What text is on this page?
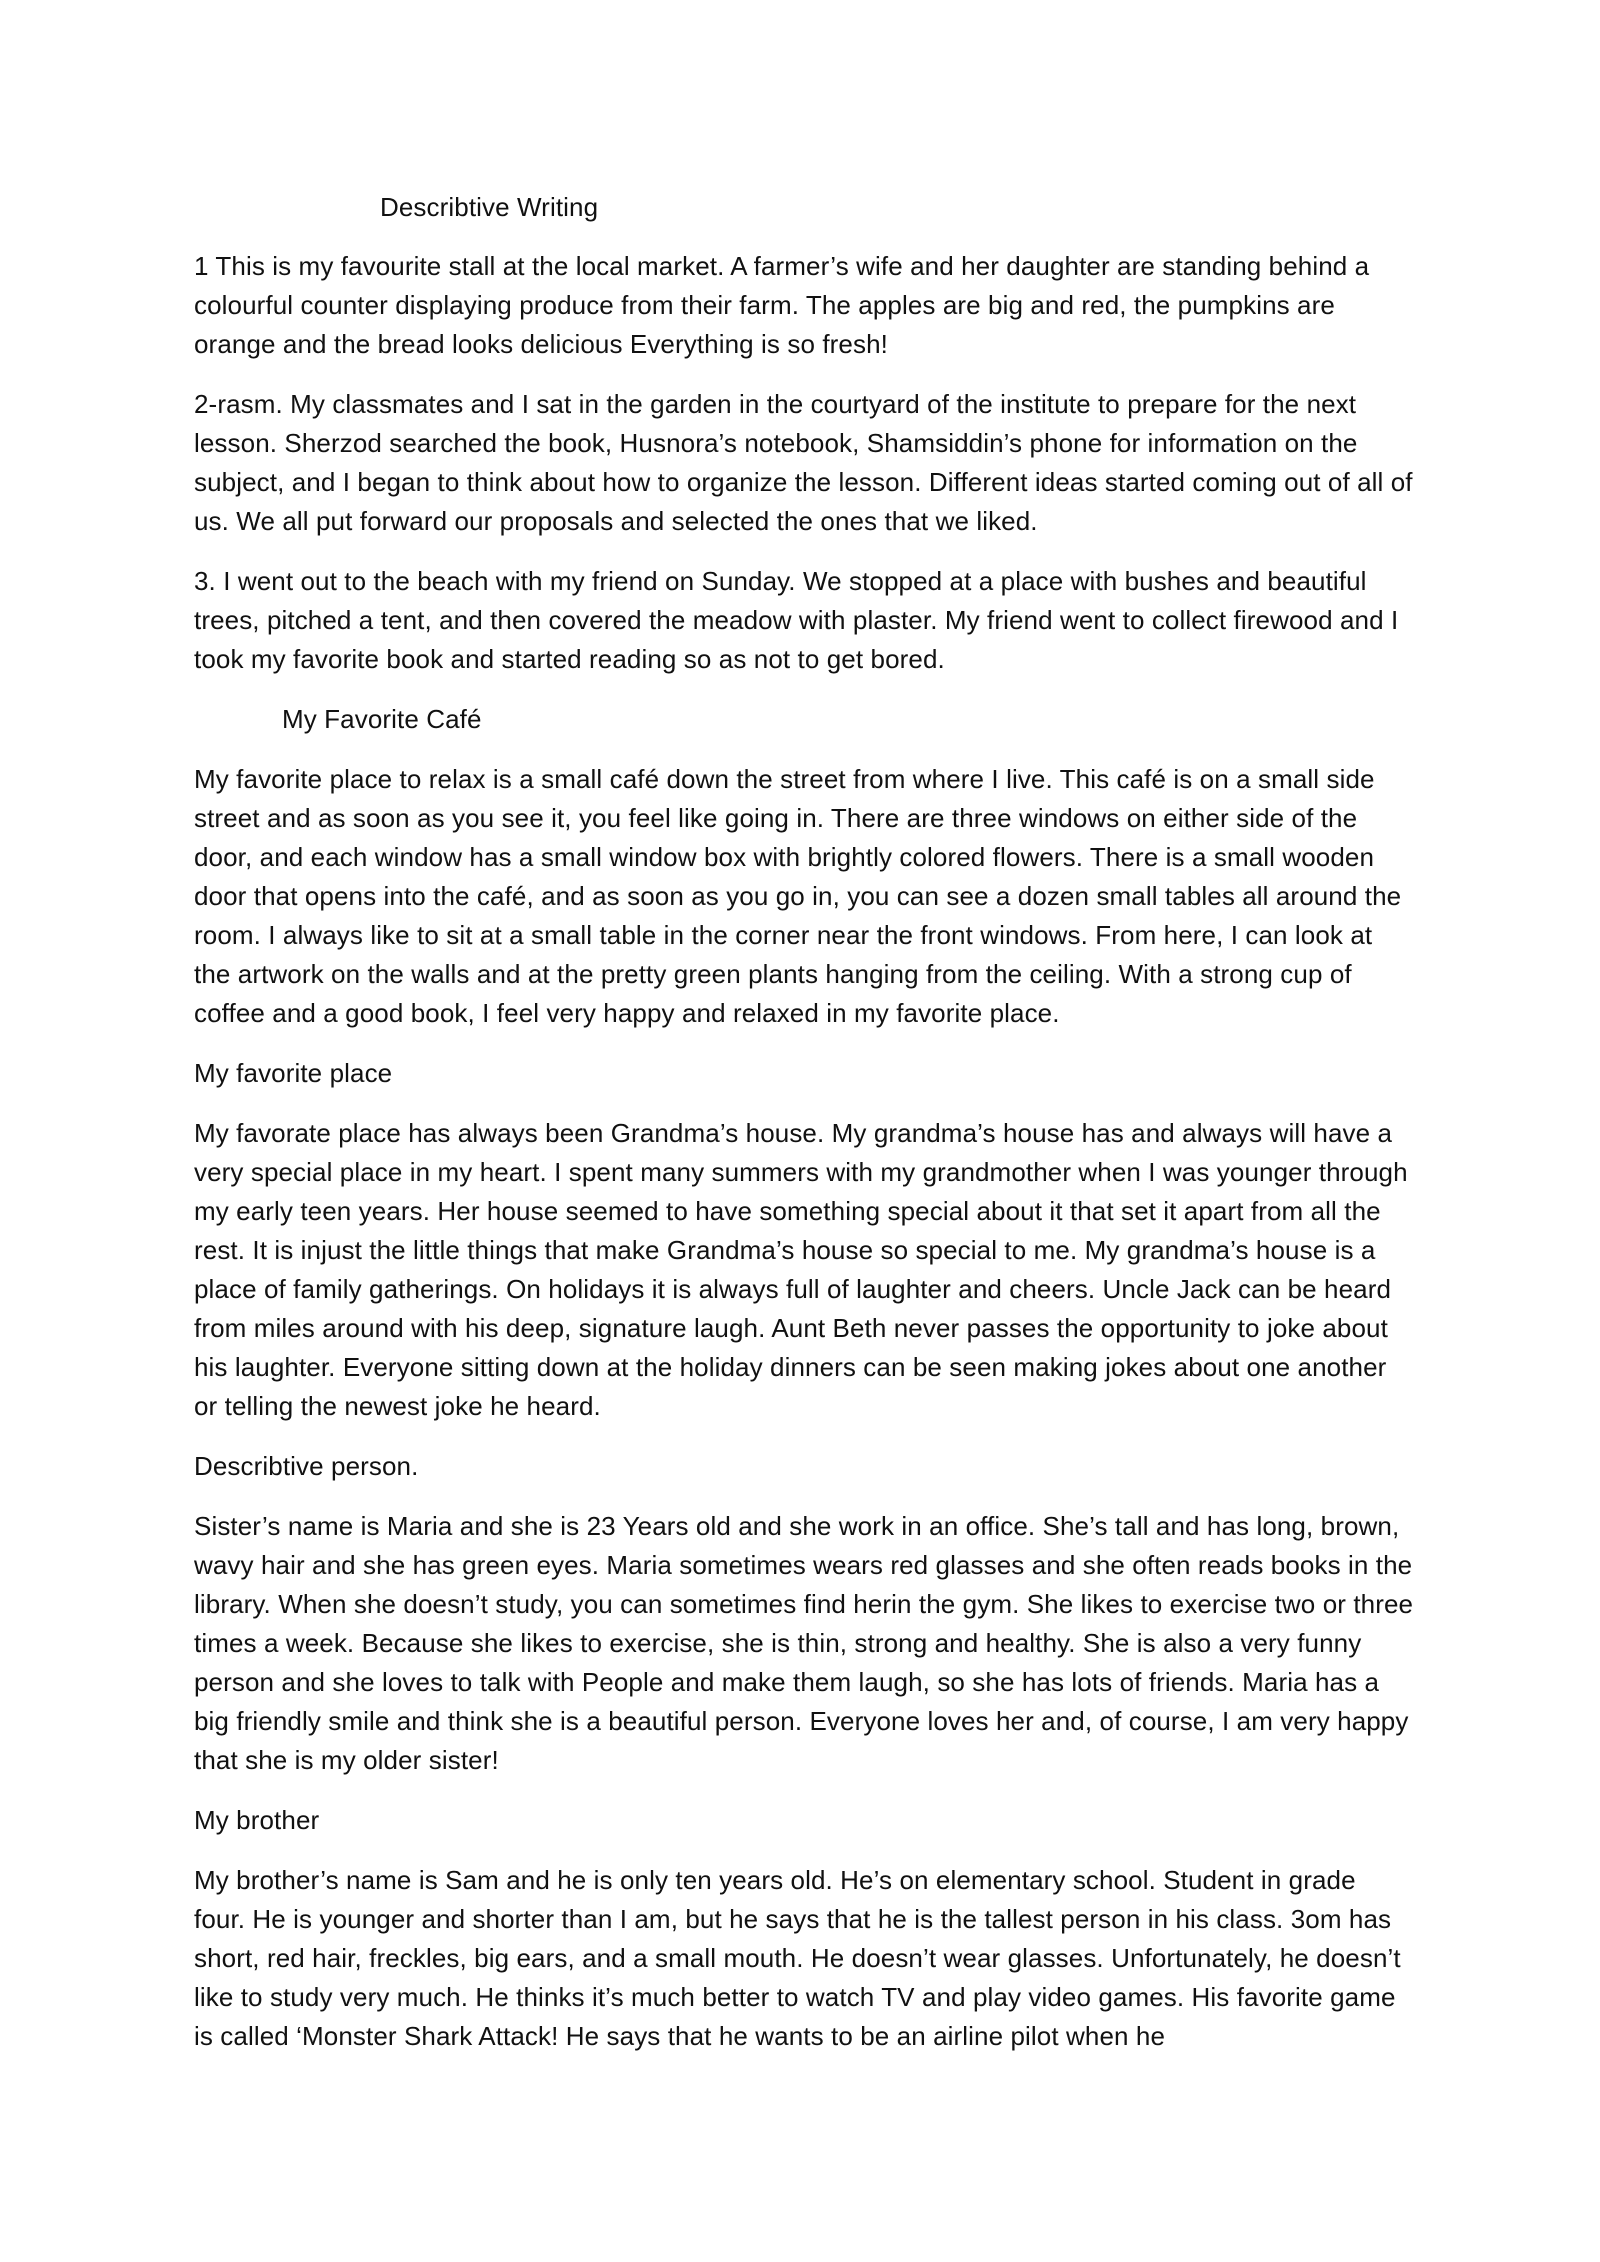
Describtive Writing

1 This is my favourite stall at the local market. A farmer’s wife and her daughter are standing behind a colourful counter displaying produce from their farm. The apples are big and red, the pumpkins are orange and the bread looks delicious Everything is so fresh!

2-rasm. My classmates and I sat in the garden in the courtyard of the institute to prepare for the next lesson. Sherzod searched the book, Husnora’s notebook, Shamsiddin’s phone for information on the subject, and I began to think about how to organize the lesson. Different ideas started coming out of all of us. We all put forward our proposals and selected the ones that we liked.

3. I went out to the beach with my friend on Sunday. We stopped at a place with bushes and beautiful trees, pitched a tent, and then covered the meadow with plaster. My friend went to collect firewood and I took my favorite book and started reading so as not to get bored.

My Favorite Café

My favorite place to relax is a small café down the street from where I live. This café is on a small side street and as soon as you see it, you feel like going in. There are three windows on either side of the door, and each window has a small window box with brightly colored flowers. There is a small wooden door that opens into the café, and as soon as you go in, you can see a dozen small tables all around the room. I always like to sit at a small table in the corner near the front windows. From here, I can look at the artwork on the walls and at the pretty green plants hanging from the ceiling. With a strong cup of coffee and a good book, I feel very happy and relaxed in my favorite place.

My favorite place

My favorate place has always been Grandma’s house. My grandma’s house has and always will have a very special place in my heart. I spent many summers with my grandmother when I was younger through my early teen years. Her house seemed to have something special about it that set it apart from all the rest. It is injust the little things that make Grandma’s house so special to me. My grandma’s house is a place of family gatherings. On holidays it is always full of laughter and cheers. Uncle Jack can be heard from miles around with his deep, signature laugh. Aunt Beth never passes the opportunity to joke about his laughter. Everyone sitting down at the holiday dinners can be seen making jokes about one another or telling the newest joke he heard.

Describtive person.

Sister’s name is Maria and she is 23 Years old and she work in an office. She’s tall and has long, brown, wavy hair and she has green eyes. Maria sometimes wears red glasses and she often reads books in the library. When she doesn’t study, you can sometimes find herin the gym. She likes to exercise two or three times a week. Because she likes to exercise, she is thin, strong and healthy. She is also a very funny person and she loves to talk with People and make them laugh, so she has lots of friends. Maria has a big friendly smile and think she is a beautiful person. Everyone loves her and, of course, I am very happy that she is my older sister!

My brother

My brother’s name is Sam and he is only ten years old. He’s on elementary school. Student in grade four. He is younger and shorter than I am, but he says that he is the tallest person in his class. 3om has short, red hair, freckles, big ears, and a small mouth. He doesn’t wear glasses. Unfortunately, he doesn’t like to study very much. He thinks it’s much better to watch TV and play video games. His favorite game is called ‘Monster Shark Attack! He says that he wants to be an airline pilot when he
